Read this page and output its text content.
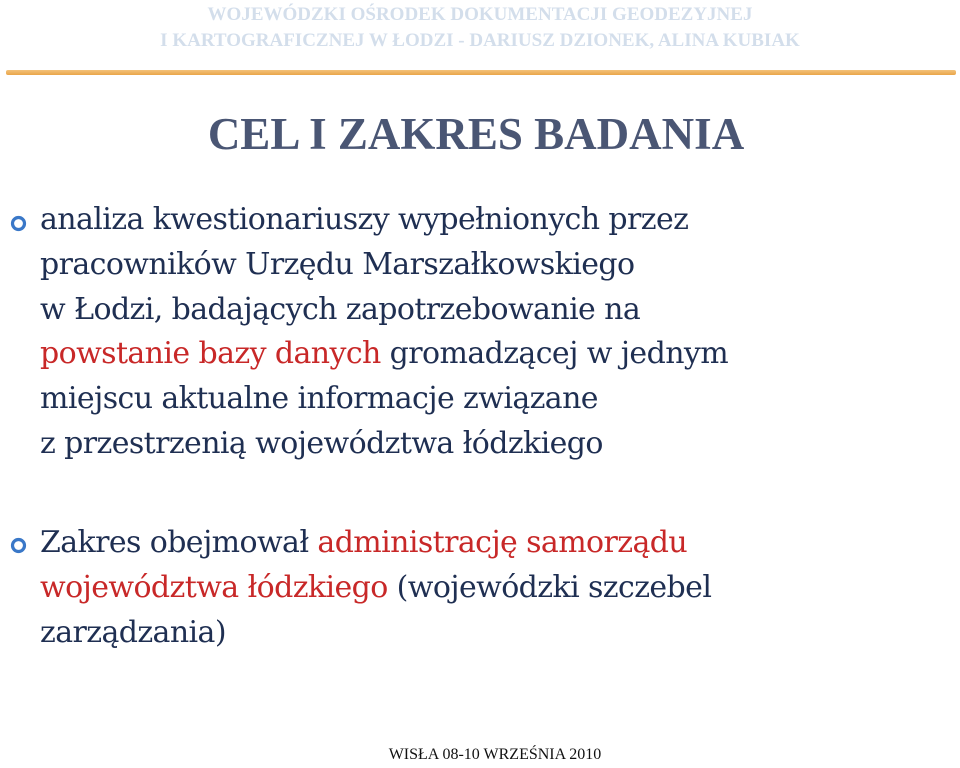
WOJEWÓDZKI OŚRODEK DOKUMENTACJI GEODEZYJNEJ
I KARTOGRAFICZNEJ W ŁODZI - DARIUSZ DZIONEK, ALINA KUBIAK
CEL I ZAKRES BADANIA
analiza kwestionariuszy wypełnionych przez
pracowników Urzędu Marszałkowskiego
w Łodzi, badających zapotrzebowanie na
powstanie bazy danych gromadzącej w jednym
miejscu aktualne informacje związane
z przestrzenią województwa łódzkiego
Zakres obejmował administrację samorządu
województwa łódzkiego (wojewódzki szczebel
zarządzania)
WISŁA 08-10 WRZEŚNIA 2010
